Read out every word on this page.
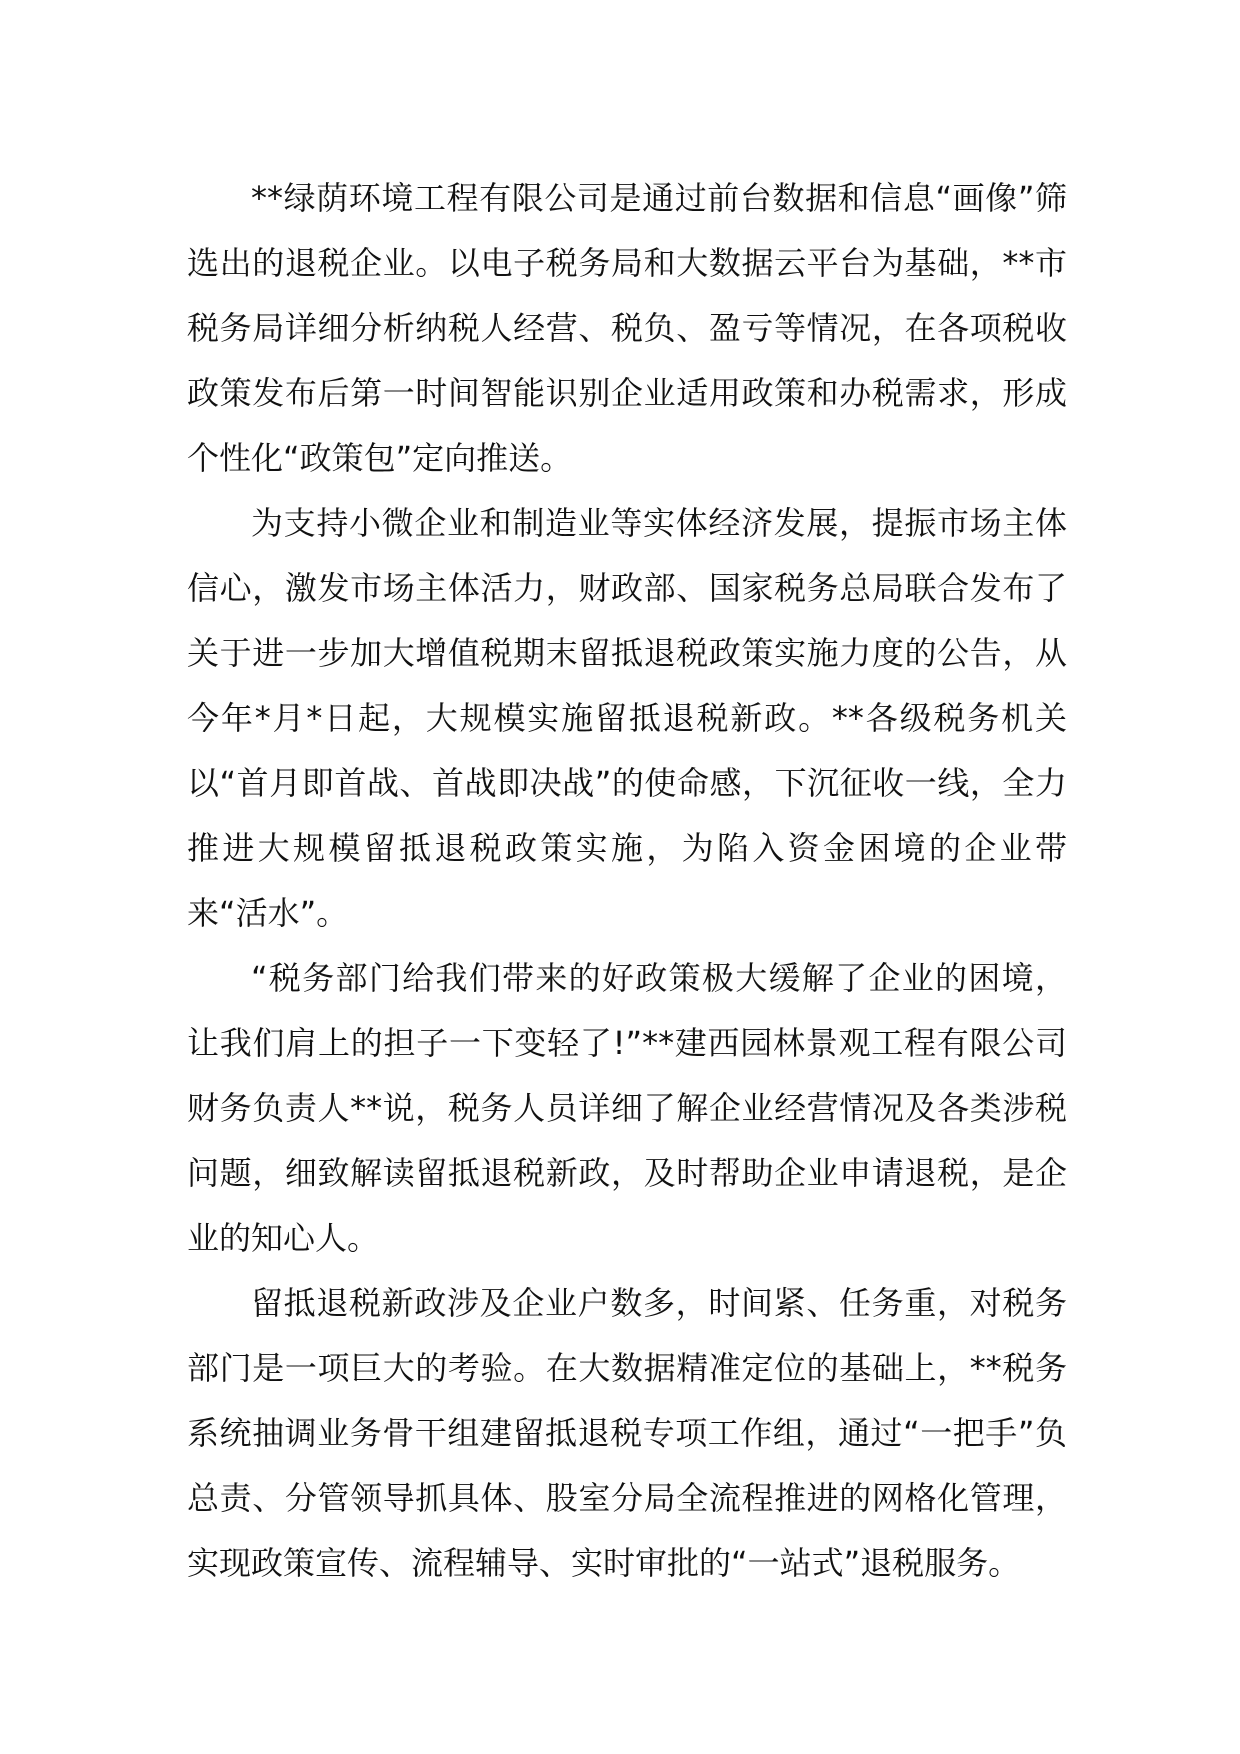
**绿荫环境工程有限公司是通过前台数据和信息“画像”筛选出的退税企业。以电子税务局和大数据云平台为基础，**市税务局详细分析纳税人经营、税负、盈亏等情况，在各项税收政策发布后第一时间智能识别企业适用政策和办税需求，形成个性化“政策包”定向推送。

为支持小微企业和制造业等实体经济发展，提振市场主体信心，激发市场主体活力，财政部、国家税务总局联合发布了关于进一步加大增值税期末留抵退税政策实施力度的公告，从今年*月*日起，大规模实施留抵退税新政。**各级税务机关以“首月即首战、首战即决战”的使命感，下沉征收一线，全力推进大规模留抵退税政策实施，为陷入资金困境的企业带来“活水”。

“税务部门给我们带来的好政策极大缓解了企业的困境，让我们肩上的担子一下变轻了!”**建西园林景观工程有限公司财务负责人**说，税务人员详细了解企业经营情况及各类涉税问题，细致解读留抵退税新政，及时帮助企业申请退税，是企业的知心人。

留抵退税新政涉及企业户数多，时间紧、任务重，对税务部门是一项巨大的考验。在大数据精准定位的基础上，**税务系统抽调业务骨干组建留抵退税专项工作组，通过“一把手”负总责、分管领导抓具体、股室分局全流程推进的网格化管理，实现政策宣传、流程辅导、实时审批的“一站式”退税服务。
